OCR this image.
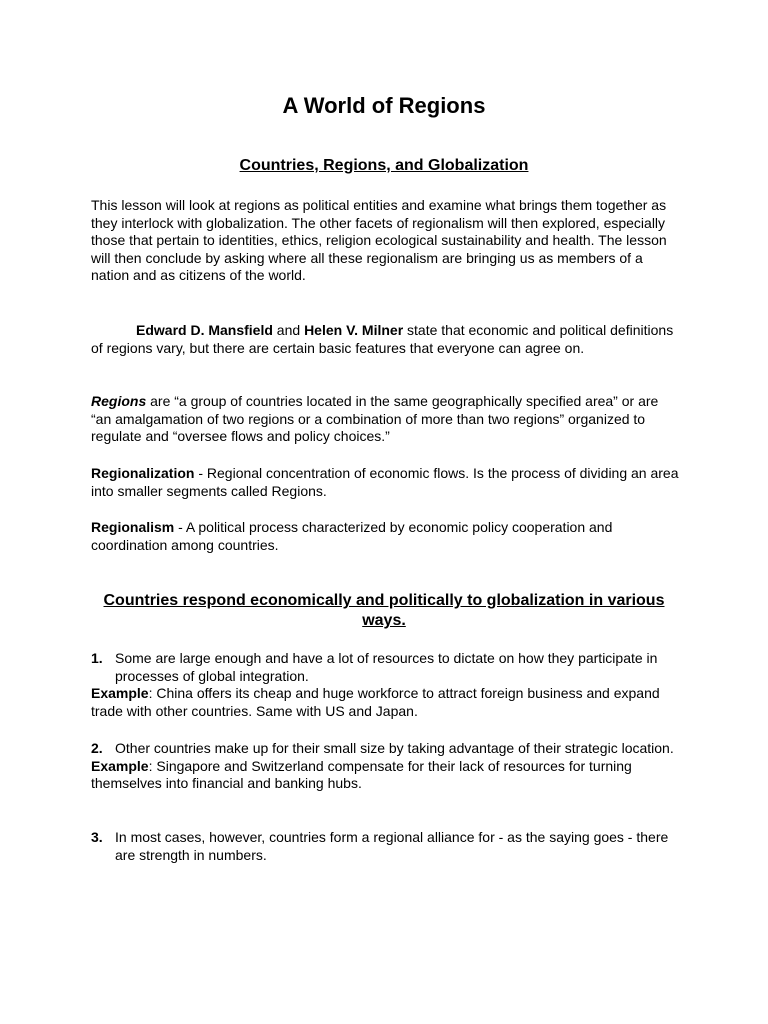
A World of Regions
Countries, Regions, and Globalization
This lesson will look at regions as political entities and examine what brings them together as they interlock with globalization. The other facets of regionalism will then explored, especially those that pertain to identities, ethics, religion ecological sustainability and health. The lesson will then conclude by asking where all these regionalism are bringing us as members of a nation and as citizens of the world.
Edward D. Mansfield and Helen V. Milner state that economic and political definitions of regions vary, but there are certain basic features that everyone can agree on.
Regions are “a group of countries located in the same geographically specified area” or are “an amalgamation of two regions or a combination of more than two regions” organized to regulate and “oversee flows and policy choices.”
Regionalization - Regional concentration of economic flows. Is the process of dividing an area into smaller segments called Regions.
Regionalism - A political process characterized by economic policy cooperation and coordination among countries.
Countries respond economically and politically to globalization in various ways.
1. Some are large enough and have a lot of resources to dictate on how they participate in processes of global integration.
Example: China offers its cheap and huge workforce to attract foreign business and expand trade with other countries. Same with US and Japan.
2. Other countries make up for their small size by taking advantage of their strategic location.
Example: Singapore and Switzerland compensate for their lack of resources for turning themselves into financial and banking hubs.
3. In most cases, however, countries form a regional alliance for - as the saying goes - there are strength in numbers.
